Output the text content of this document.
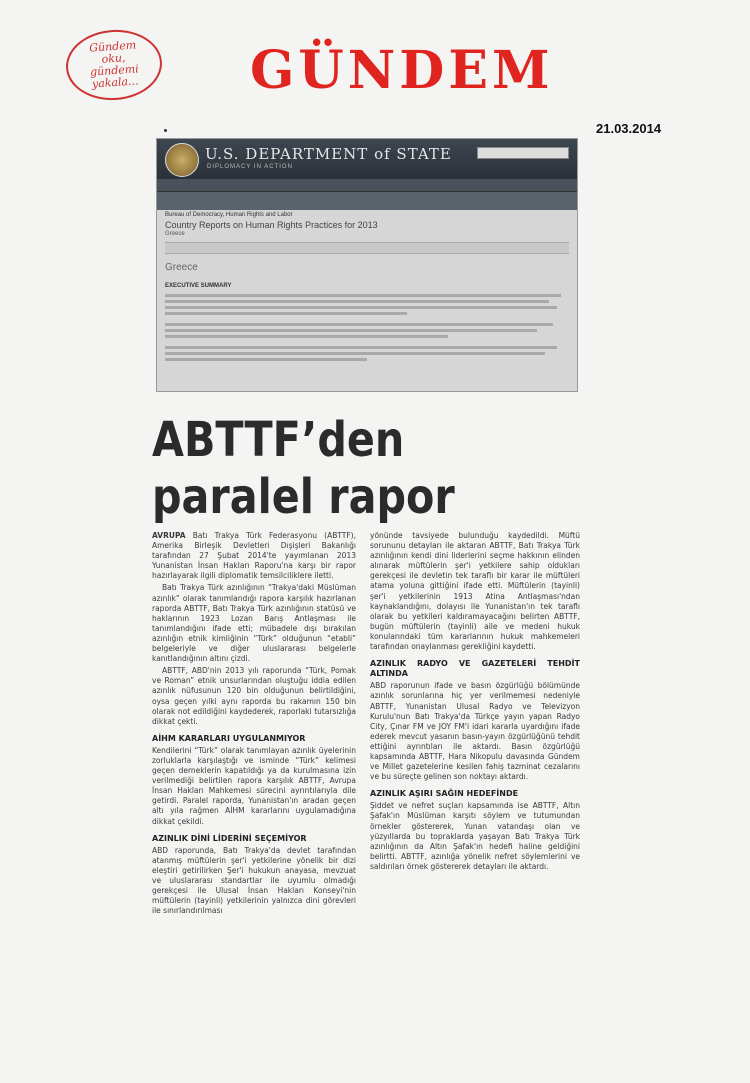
Gündem
oku,
gündemi
yakala... GÜNDEM
21.03.2014
U.S. DEPARTMENT of STATE
DIPLOMACY IN ACTION
Bureau of Democracy, Human Rights and Labor
Country Reports on Human Rights Practices for 2013
Greece
Greece
EXECUTIVE SUMMARY
ABTTF’den
paralel rapor

AVRUPA Batı Trakya Türk Federasyonu (ABTTF), Amerika Birleşik Devletleri Dışişleri Bakanlığı tarafından 27 Şubat 2014'te yayımlanan 2013 Yunanistan İnsan Hakları Raporu'na karşı bir rapor hazırlayarak ilgili diplomatik temsilciliklere iletti.

Batı Trakya Türk azınlığının “Trakya'daki Müslüman azınlık” olarak tanımlandığı rapora karşılık hazırlanan raporda ABTTF, Batı Trakya Türk azınlığının statüsü ve haklarının 1923 Lozan Barış Antlaşması ile tanımlandığını ifade etti; mübadele dışı bırakılan azınlığın etnik kimliğinin “Türk” olduğunun “etabli” belgeleriyle ve diğer uluslararası belgelerle kanıtlandığının altını çizdi.

ABTTF, ABD'nin 2013 yılı raporunda “Türk, Pomak ve Roman” etnik unsurlarından oluştuğu iddia edilen azınlık nüfusunun 120 bin olduğunun belirtildiğini, oysa geçen yılki aynı raporda bu rakamın 150 bin olarak not edildiğini kaydederek, raporlaki tutarsızlığa dikkat çekti.

AİHM KARARLARI UYGULANMIYOR

Kendilerini “Türk” olarak tanımlayan azınlık üyelerinin zorluklarla karşılaştığı ve isminde “Türk” kelimesi geçen derneklerin kapatıldığı ya da kurulmasına izin verilmediği belirtilen rapora karşılık ABTTF, Avrupa İnsan Hakları Mahkemesi sürecini ayrıntılarıyla dile getirdi. Paralel raporda, Yunanistan'ın aradan geçen altı yıla rağmen AİHM kararlarını uygulamadığına dikkat çekildi.

AZINLIK DİNİ LİDERİNİ SEÇEMİYOR

ABD raporunda, Batı Trakya'da devlet tarafından atanmış müftülerin şer'i yetkilerine yönelik bir dizi eleştiri getirilirken Şer'i hukukun anayasa, mevzuat ve uluslararası standartlar ile uyumlu olmadığı gerekçesi ile Ulusal İnsan Hakları Konseyi'nin müftülerin (tayinli) yetkilerinin yalnızca dini görevleri ile sınırlandırılması

yönünde tavsiyede bulunduğu kaydedildi. Müftü sorununu detayları ile aktaran ABTTF, Batı Trakya Türk azınlığının kendi dini liderlerini seçme hakkının elinden alınarak müftülerin şer'i yetkilere sahip oldukları gerekçesi ile devletin tek taraflı bir karar ile müftüleri atama yoluna gittiğini ifade etti. Müftülerin (tayinli) şer'i yetkilerinin 1913 Atina Antlaşması'ndan kaynaklandığını, dolayısı ile Yunanistan'ın tek taraflı olarak bu yetkileri kaldıramayacağını belirten ABTTF, bugün müftülerin (tayinli) aile ve medeni hukuk konularındaki tüm kararlarının hukuk mahkemeleri tarafından onaylanması gerekliğini kaydetti.

AZINLIK RADYO VE GAZETELERİ TEHDİT ALTINDA

ABD raporunun ifade ve basın özgürlüğü bölümünde azınlık sorunlarına hiç yer verilmemesi nedeniyle ABTTF, Yunanistan Ulusal Radyo ve Televizyon Kurulu'nun Batı Trakya'da Türkçe yayın yapan Radyo City, Çınar FM ve JOY FM'i idari kararla uyardığını ifade ederek mevcut yasanın basın-yayın özgürlüğünü tehdit ettiğini ayrıntıları ile aktardı. Basın özgürlüğü kapsamında ABTTF, Hara Nikopulu davasında Gündem ve Millet gazetelerine kesilen fahiş tazminat cezalarını ve bu süreçte gelinen son noktayı aktardı.

AZINLIK AŞIRI SAĞIN HEDEFİNDE

Şiddet ve nefret suçları kapsamında ise ABTTF, Altın Şafak'ın Müslüman karşıtı söylem ve tutumundan örnekler göstererek, Yunan vatandaşı olan ve yüzyıllarda bu topraklarda yaşayan Batı Trakya Türk azınlığının da Altın Şafak'ın hedefi haline geldiğini belirtti. ABTTF, azınlığa yönelik nefret söylemlerini ve saldırıları örnek göstererek detayları ile aktardı.
